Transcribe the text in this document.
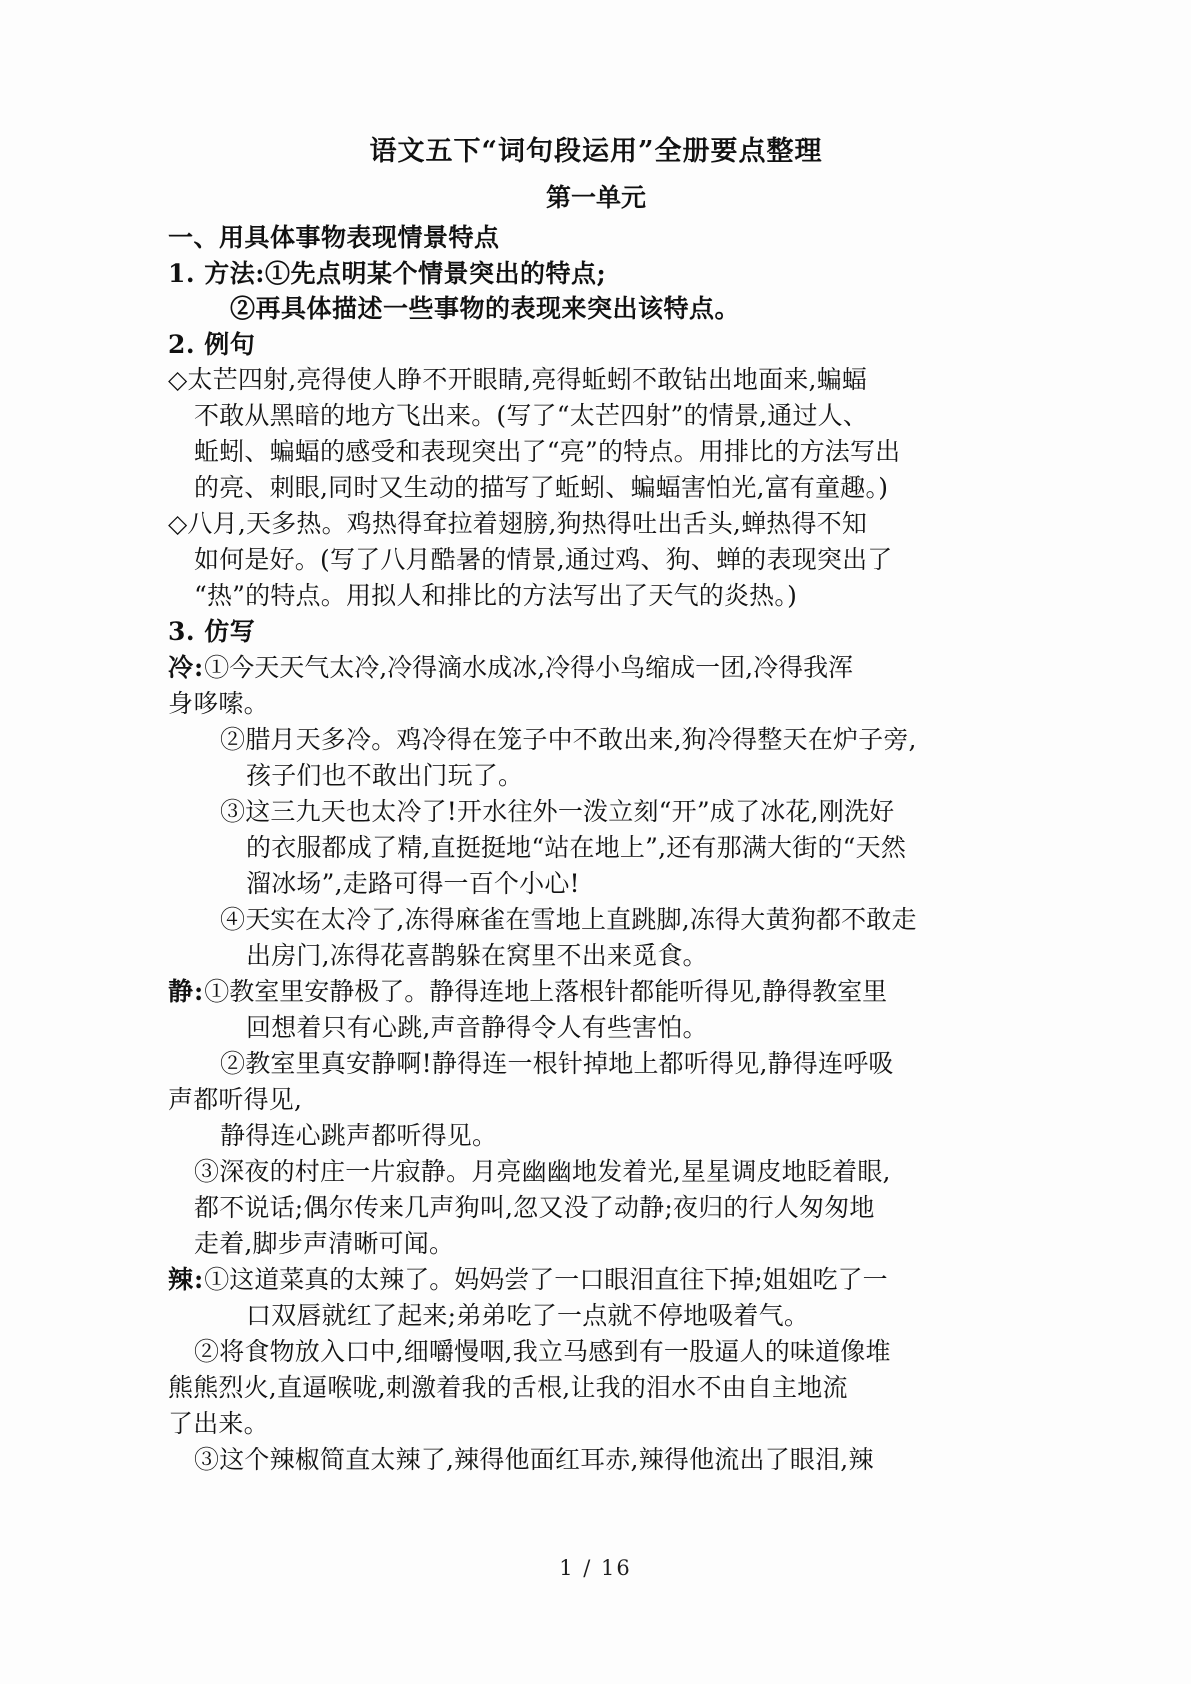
语文五下“词句段运用”全册要点整理
第一单元

一、用具体事物表现情景特点

1. 方法:①先点明某个情景突出的特点;

②再具体描述一些事物的表现来突出该特点。

2. 例句

◇太芒四射,亮得使人睁不开眼睛,亮得蚯蚓不敢钻出地面来,蝙蝠

不敢从黑暗的地方飞出来。(写了“太芒四射”的情景,通过人、

蚯蚓、蝙蝠的感受和表现突出了“亮”的特点。用排比的方法写出

的亮、刺眼,同时又生动的描写了蚯蚓、蝙蝠害怕光,富有童趣。)

◇八月,天多热。鸡热得耷拉着翅膀,狗热得吐出舌头,蝉热得不知

如何是好。(写了八月酷暑的情景,通过鸡、狗、蝉的表现突出了

“热”的特点。用拟人和排比的方法写出了天气的炎热。)

3. 仿写

冷:①今天天气太冷,冷得滴水成冰,冷得小鸟缩成一团,冷得我浑

身哆嗦。

②腊月天多冷。鸡冷得在笼子中不敢出来,狗冷得整天在炉子旁,

孩子们也不敢出门玩了。

③这三九天也太冷了!开水往外一泼立刻“开”成了冰花,刚洗好

的衣服都成了精,直挺挺地“站在地上”,还有那满大街的“天然

溜冰场”,走路可得一百个小心!

④天实在太冷了,冻得麻雀在雪地上直跳脚,冻得大黄狗都不敢走

出房门,冻得花喜鹊躲在窝里不出来觅食。

静:①教室里安静极了。静得连地上落根针都能听得见,静得教室里

回想着只有心跳,声音静得令人有些害怕。

②教室里真安静啊!静得连一根针掉地上都听得见,静得连呼吸

声都听得见,

静得连心跳声都听得见。

③深夜的村庄一片寂静。月亮幽幽地发着光,星星调皮地眨着眼,

都不说话;偶尔传来几声狗叫,忽又没了动静;夜归的行人匆匆地

走着,脚步声清晰可闻。

辣:①这道菜真的太辣了。妈妈尝了一口眼泪直往下掉;姐姐吃了一

口双唇就红了起来;弟弟吃了一点就不停地吸着气。

②将食物放入口中,细嚼慢咽,我立马感到有一股逼人的味道像堆

熊熊烈火,直逼喉咙,刺激着我的舌根,让我的泪水不由自主地流

了出来。

③这个辣椒简直太辣了,辣得他面红耳赤,辣得他流出了眼泪,辣

1 / 16
